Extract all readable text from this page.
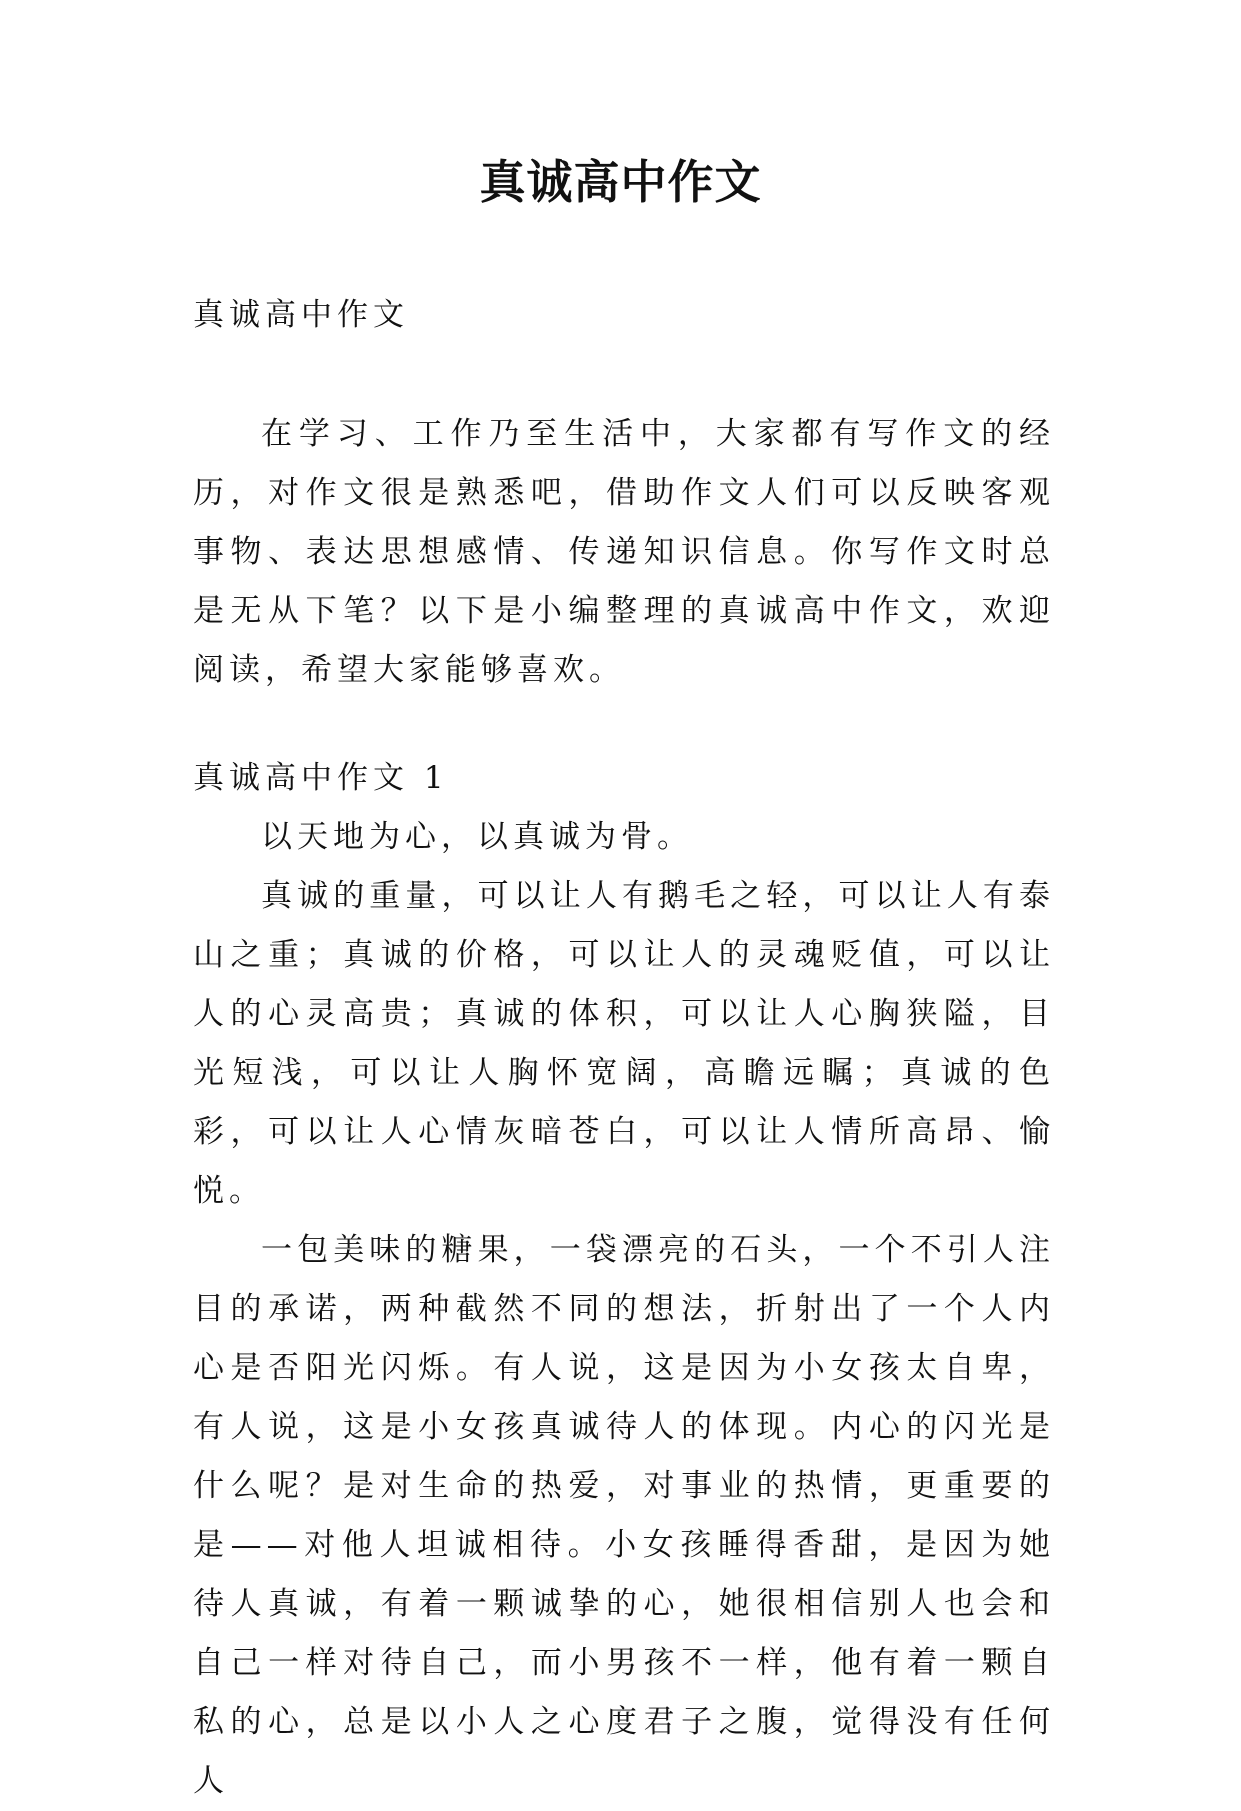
真诚高中作文

真诚高中作文

在学习、工作乃至生活中，大家都有写作文的经历，对作文很是熟悉吧，借助作文人们可以反映客观事物、表达思想感情、传递知识信息。你写作文时总是无从下笔？以下是小编整理的真诚高中作文，欢迎阅读，希望大家能够喜欢。

真诚高中作文 1

以天地为心，以真诚为骨。

真诚的重量，可以让人有鹅毛之轻，可以让人有泰山之重；真诚的价格，可以让人的灵魂贬值，可以让人的心灵高贵；真诚的体积，可以让人心胸狭隘，目光短浅，可以让人胸怀宽阔，高瞻远瞩；真诚的色彩，可以让人心情灰暗苍白，可以让人情所高昂、愉悦。

一包美味的糖果，一袋漂亮的石头，一个不引人注目的承诺，两种截然不同的想法，折射出了一个人内心是否阳光闪烁。有人说，这是因为小女孩太自卑，有人说，这是小女孩真诚待人的体现。内心的闪光是什么呢？是对生命的热爱，对事业的热情，更重要的是——对他人坦诚相待。小女孩睡得香甜，是因为她待人真诚，有着一颗诚挚的心，她很相信别人也会和自己一样对待自己，而小男孩不一样，他有着一颗自私的心，总是以小人之心度君子之腹，觉得没有任何人
